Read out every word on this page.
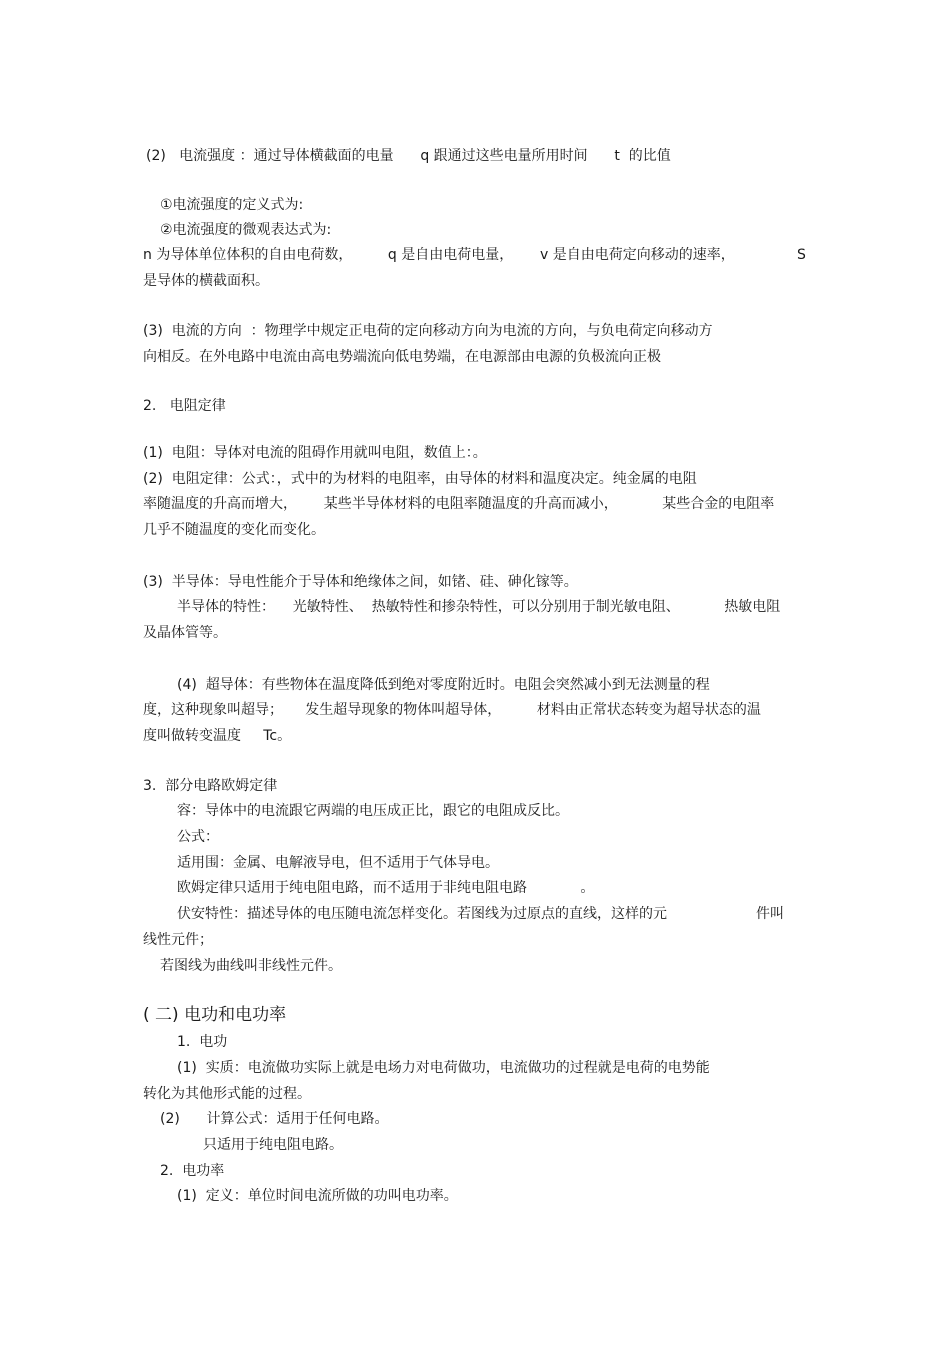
(2)   电流强度 ：通过导体横截面的电量      q 跟通过这些电量所用时间      t  的比值
①电流强度的定义式为:
②电流强度的微观表达式为:
n 为导体单位体积的自由电荷数，        q 是自由电荷电量，      v 是自由电荷定向移动的速率，              S
是导体的横截面积。
(3)  电流的方向  ：物理学中规定正电荷的定向移动方向为电流的方向，与负电荷定向移动方
向相反。在外电路中电流由高电势端流向低电势端，在电源部由电源的负极流向正极
2.   电阻定律
(1)  电阻：导体对电流的阻碍作用就叫电阻，数值上：。
(2)  电阻定律：公式：，式中的为材料的电阻率，由导体的材料和温度决定。纯金属的电阻
率随温度的升高而增大，      某些半导体材料的电阻率随温度的升高而减小，          某些合金的电阻率
几乎不随温度的变化而变化。
(3)  半导体：导电性能介于导体和绝缘体之间，如锗、硅、砷化镓等。
半导体的特性：    光敏特性、  热敏特性和掺杂特性，可以分别用于制光敏电阻、          热敏电阻
及晶体管等。
(4)  超导体：有些物体在温度降低到绝对零度附近时。电阻会突然减小到无法测量的程
度，这种现象叫超导；     发生超导现象的物体叫超导体，        材料由正常状态转变为超导状态的温
度叫做转变温度     Tc。
3.  部分电路欧姆定律
容：导体中的电流跟它两端的电压成正比，跟它的电阻成反比。
公式：
适用围：金属、电解液导电，但不适用于气体导电。
欧姆定律只适用于纯电阻电路，而不适用于非纯电阻电路            。
伏安特性：描述导体的电压随电流怎样变化。若图线为过原点的直线，这样的元                    件叫
线性元件；
若图线为曲线叫非线性元件。
( 二) 电功和电功率
1.  电功
(1)  实质：电流做功实际上就是电场力对电荷做功，电流做功的过程就是电荷的电势能
转化为其他形式能的过程。
(2)      计算公式：适用于任何电路。
只适用于纯电阻电路。
2.  电功率
(1)  定义：单位时间电流所做的功叫电功率。
